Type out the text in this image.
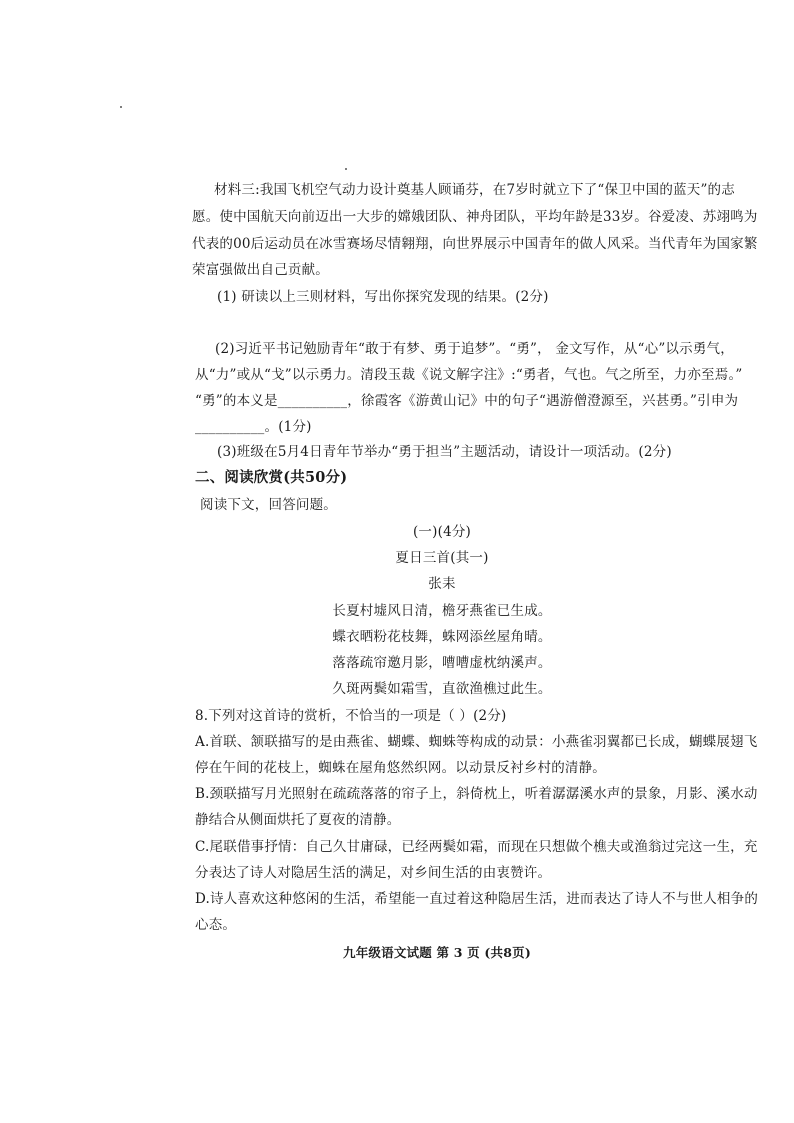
材料三:我国飞机空气动力设计奠基人顾诵芬，在7岁时就立下了“保卫中国的蓝天”的志
愿。使中国航天向前迈出一大步的嫦娥团队、神舟团队，平均年龄是33岁。谷爱凌、苏翊鸣为
代表的00后运动员在冰雪赛场尽情翱翔，向世界展示中国青年的做人风采。当代青年为国家繁
荣富强做出自己贡献。
(1) 研读以上三则材料，写出你探究发现的结果。(2分)
(2)习近平书记勉励青年“敢于有梦、勇于追梦”。“勇”， 金文写作，从“心”以示勇气，
从“力”或从“戈”以示勇力。清段玉裁《说文解字注》:“勇者，气也。气之所至，力亦至焉。”
“勇”的本义是__________，徐霞客《游黄山记》中的句子“遇游僧澄源至，兴甚勇。”引申为
__________。(1分)
(3)班级在5月4日青年节举办“勇于担当”主题活动，请设计一项活动。(2分)
二、阅读欣赏(共50分)
阅读下文，回答问题。
(一)(4分)
夏日三首(其一)
张耒
长夏村墟风日清，檐牙燕雀已生成。
蝶衣晒粉花枝舞，蛛网添丝屋角晴。
落落疏帘邀月影，嘈嘈虚枕纳溪声。
久斑两鬓如霜雪，直欲渔樵过此生。
8.下列对这首诗的赏析，不恰当的一项是（ ）(2分)
A.首联、颔联描写的是由燕雀、蝴蝶、蜘蛛等构成的动景：小燕雀羽翼都已长成，蝴蝶展翅飞
停在午间的花枝上，蜘蛛在屋角悠然织网。以动景反衬乡村的清静。
B.颈联描写月光照射在疏疏落落的帘子上，斜倚枕上，听着潺潺溪水声的景象，月影、溪水动
静结合从侧面烘托了夏夜的清静。
C.尾联借事抒情：自己久甘庸碌，已经两鬓如霜，而现在只想做个樵夫或渔翁过完这一生，充
分表达了诗人对隐居生活的满足，对乡间生活的由衷赞许。
D.诗人喜欢这种悠闲的生活，希望能一直过着这种隐居生活，进而表达了诗人不与世人相争的
心态。
九年级语文试题 第 3 页 (共8页)
